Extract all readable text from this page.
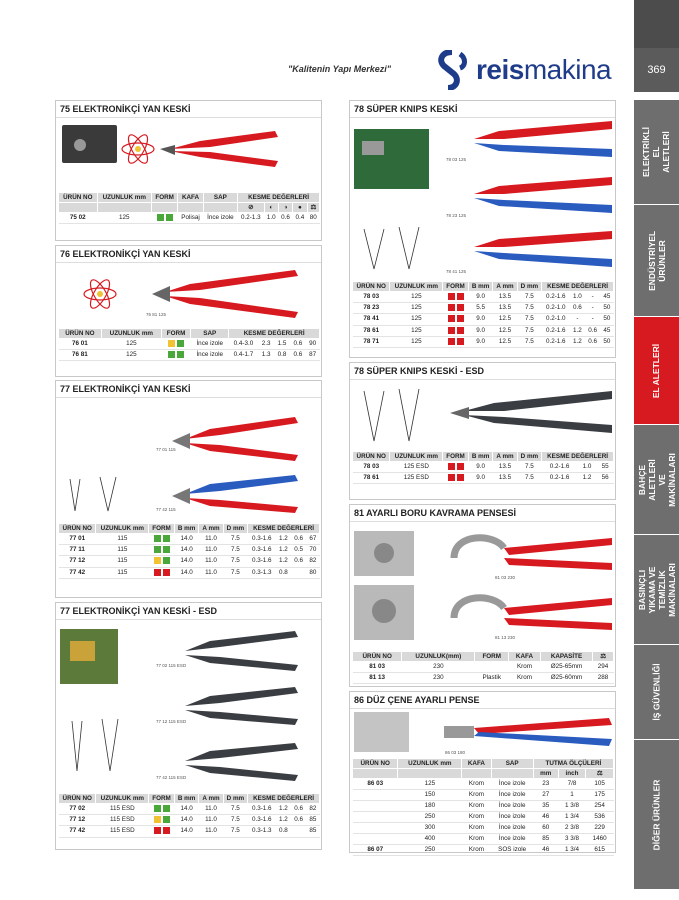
"Kalitenin Yapı Merkezi"	reismakina	369
ELEKTRİKLİ EL ALETLERİ
ENDÜSTRİYEL ÜRÜNLER
EL ALETLERİ
BAHÇE ALETLERİ VE MAKİNALARI
BASINÇLI YIKAMA VE TEMİZLİK MAKİNALARI
İŞ GÜVENLİĞİ
DİĞER ÜRÜNLER
75 ELEKTRONİKÇİ YAN KESKİ
ÜRÜN NO	UZUNLUK mm	FORM	KAFA	SAP	KESME DEĞERLERİ				
					⊘	◐	◑	●	⚖
75 02	125		Polisaj	İnce izole	0.2-1.3	1.0	0.6	0.4	80
76 ELEKTRONİKÇİ YAN KESKİ
76 81 125
ÜRÜN NO	UZUNLUK mm	FORM	SAP	KESME DEĞERLERİ				
76 01	125		İnce izole	0.4-3.0	2.3	1.5	0.6	90
76 81	125		İnce izole	0.4-1.7	1.3	0.8	0.6	87
77 ELEKTRONİKÇİ YAN KESKİ
77 01 115
77 42 115
ÜRÜN NO	UZUNLUK mm	FORM	B mm	A mm	D mm	KESME DEĞERLERİ			
77 01	115		14.0	11.0	7.5	0.3-1.6	1.2	0.6	67
77 11	115		14.0	11.0	7.5	0.3-1.6	1.2	0.5	70
77 12	115		14.0	11.0	7.5	0.3-1.6	1.2	0.6	82
77 42	115		14.0	11.0	7.5	0.3-1.3	0.8		80
77 ELEKTRONİKÇİ YAN KESKİ - ESD
77 02 115 ESD
77 12 115 ESD
77 42 115 ESD
ÜRÜN NO	UZUNLUK mm	FORM	B mm	A mm	D mm	KESME DEĞERLERİ			
77 02	115 ESD		14.0	11.0	7.5	0.3-1.6	1.2	0.6	82
77 12	115 ESD		14.0	11.0	7.5	0.3-1.6	1.2	0.6	85
77 42	115 ESD		14.0	11.0	7.5	0.3-1.3	0.8		85
78 SÜPER KNIPS KESKİ
78 03 125
78 23 125
78 41 125
ÜRÜN NO	UZUNLUK mm	FORM	B mm	A mm	D mm	KESME DEĞERLERİ			
78 03	125		9.0	13.5	7.5	0.2-1.6	1.0	-	45
78 23	125		5.5	13.5	7.5	0.2-1.0	0.6	-	50
78 41	125		9.0	12.5	7.5	0.2-1.0	-	-	50
78 61	125		9.0	12.5	7.5	0.2-1.6	1.2	0.6	45
78 71	125		9.0	12.5	7.5	0.2-1.6	1.2	0.6	50
78 SÜPER KNIPS KESKİ - ESD
ÜRÜN NO	UZUNLUK mm	FORM	B mm	A mm	D mm	KESME DEĞERLERİ		
78 03	125 ESD		9.0	13.5	7.5	0.2-1.6	1.0	55
78 61	125 ESD		9.0	13.5	7.5	0.2-1.6	1.2	56
81 AYARLI BORU KAVRAMA PENSESİ
81 03 230
81 13 230
ÜRÜN NO	UZUNLUK(mm)	FORM	KAFA	KAPASİTE	⚖
81 03	230		Krom	Ø25-65mm	294
81 13	230	Plastik	Krom	Ø25-60mm	288
86 DÜZ ÇENE AYARLI PENSE
86 03 180
ÜRÜN NO	UZUNLUK mm	KAFA	SAP	TUTMA ÖLÇÜLERİ		
				mm	inch	⚖
86 03	125	Krom	İnce izole	23	7/8	105
	150	Krom	İnce izole	27	1	175
	180	Krom	İnce izole	35	1 3/8	254
	250	Krom	İnce izole	46	1 3/4	536
	300	Krom	İnce izole	60	2 3/8	229
	400	Krom	İnce izole	85	3 3/8	1460
86 07	250	Krom	SOS izole	46	1 3/4	615
